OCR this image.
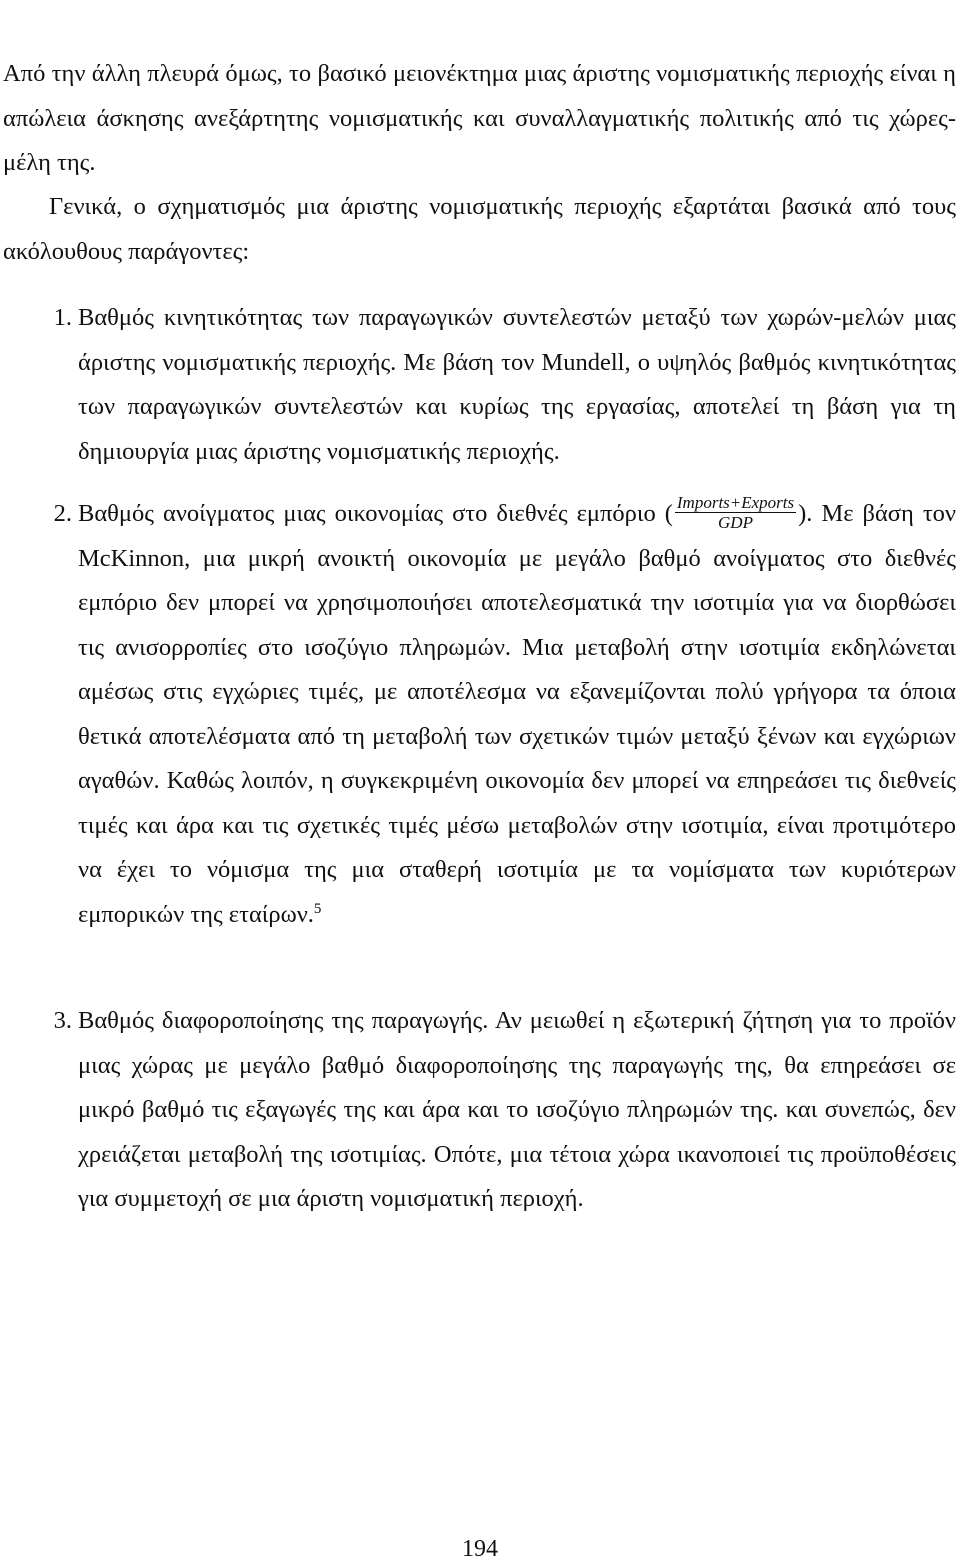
Από την άλλη πλευρά όμως, το βασικό μειονέκτημα μιας άριστης νομισματικής περιοχής είναι η απώλεια άσκησης ανεξάρτητης νομισματικής και συναλλαγματικής πολιτικής από τις χώρες-μέλη της.

Γενικά, ο σχηματισμός μια άριστης νομισματικής περιοχής εξαρτάται βασικά από τους ακόλουθους παράγοντες:

1. Βαθμός κινητικότητας των παραγωγικών συντελεστών μεταξύ των χωρών-μελών μιας άριστης νομισματικής περιοχής. Με βάση τον Mundell, ο υψηλός βαθμός κινητικότητας των παραγωγικών συντελεστών και κυρίως της εργασίας, αποτελεί τη βάση για τη δημιουργία μιας άριστης νομισματικής περιοχής.

2. Βαθμός ανοίγματος μιας οικονομίας στο διεθνές εμπόριο ( $\frac{\text{Imports+Exports}}{\text{GDP}}$ ). Με βάση τον McKinnon, μια μικρή ανοικτή οικονομία με μεγάλο βαθμό ανοίγματος στο διεθνές εμπόριο δεν μπορεί να χρησιμοποιήσει αποτελεσματικά την ισοτιμία για να διορθώσει τις ανισορροπίες στο ισοζύγιο πληρωμών. Μια μεταβολή στην ισοτιμία εκδηλώνεται αμέσως στις εγχώριες τιμές, με αποτέλεσμα να εξανεμίζονται πολύ γρήγορα τα όποια θετικά αποτελέσματα από τη μεταβολή των σχετικών τιμών μεταξύ ξένων και εγχώριων αγαθών. Καθώς λοιπόν, η συγκεκριμένη οικονομία δεν μπορεί να επηρεάσει τις διεθνείς τιμές και άρα και τις σχετικές τιμές μέσω μεταβολών στην ισοτιμία, είναι προτιμότερο να έχει το νόμισμα της μια σταθερή ισοτιμία με τα νομίσματα των κυριότερων εμπορικών της εταίρων.$^5$

3. Βαθμός διαφοροποίησης της παραγωγής. Αν μειωθεί η εξωτερική ζήτηση για το προϊόν μιας χώρας με μεγάλο βαθμό διαφοροποίησης της παραγωγής της, θα επηρεάσει σε μικρό βαθμό τις εξαγωγές της και άρα και το ισοζύγιο πληρωμών της. και συνεπώς, δεν χρειάζεται μεταβολή της ισοτιμίας. Οπότε, μια τέτοια χώρα ικανοποιεί τις προϋποθέσεις για συμμετοχή σε μια άριστη νομισματική περιοχή.

194
